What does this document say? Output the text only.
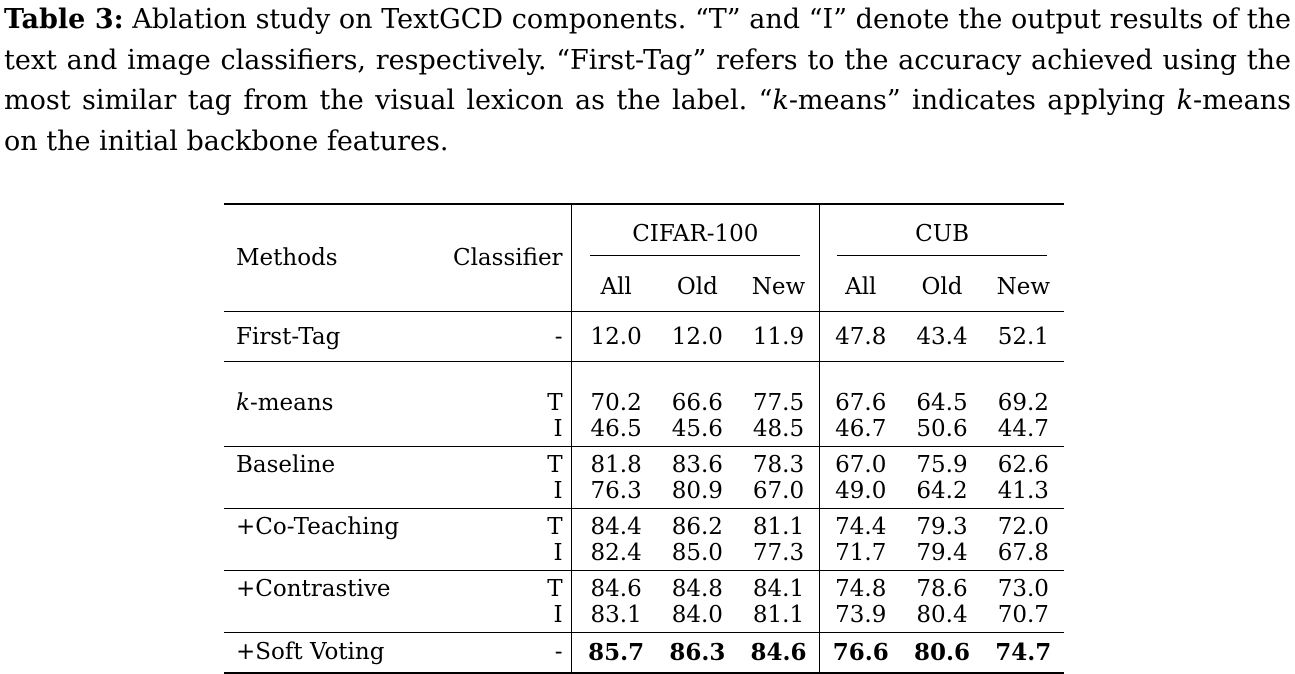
Table 3: Ablation study on TextGCD components. “T” and “I” denote the output results of the text and image classifiers, respectively. “First-Tag” refers to the accuracy achieved using the most similar tag from the visual lexicon as the label. “k-means” indicates applying k-means on the initial backbone features.

Methods	Classifier	CIFAR-100			CUB		

		All	Old	New	All	Old	New
First-Tag	-	12.0	12.0	11.9	47.8	43.4	52.1
k-means	T	70.2	66.6	77.5	67.6	64.5	69.2
	I	46.5	45.6	48.5	46.7	50.6	44.7
Baseline	T	81.8	83.6	78.3	67.0	75.9	62.6
	I	76.3	80.9	67.0	49.0	64.2	41.3
+Co-Teaching	T	84.4	86.2	81.1	74.4	79.3	72.0
	I	82.4	85.0	77.3	71.7	79.4	67.8
+Contrastive	T	84.6	84.8	84.1	74.8	78.6	73.0
	I	83.1	84.0	81.1	73.9	80.4	70.7
+Soft Voting	-	85.7	86.3	84.6	76.6	80.6	74.7
